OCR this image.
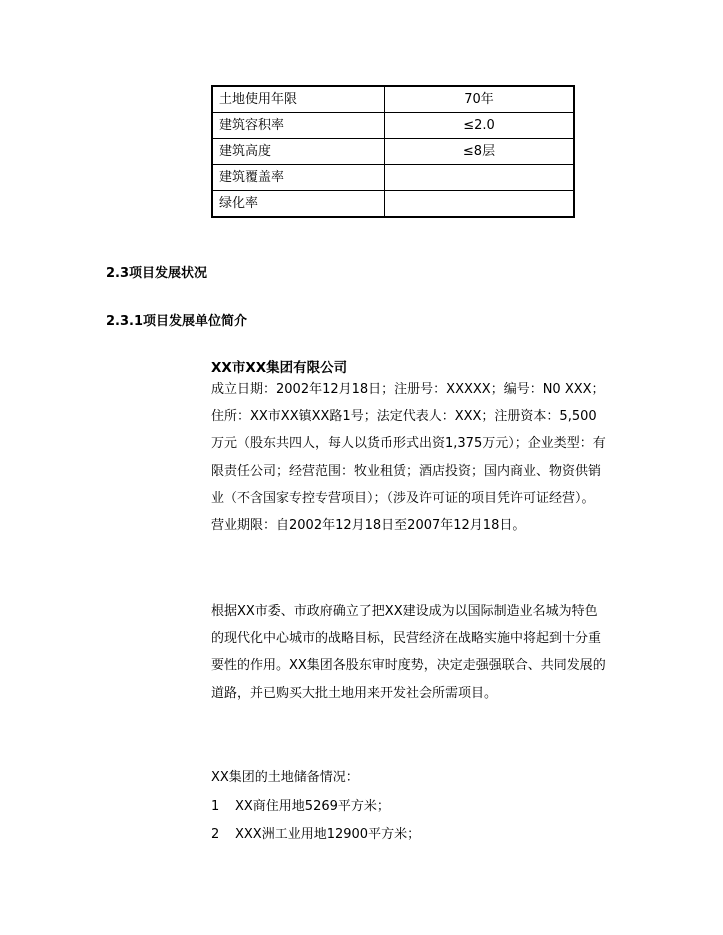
土地使用年限	70年
建筑容积率	≤2.0
建筑高度	≤8层
建筑覆盖率	
绿化率	
2.3项目发展状况
2.3.1项目发展单位简介
XX市XX集团有限公司

成立日期：2002年12月18日；注册号：XXXXX；编号：N0 XXX；住所：XX市XX镇XX路1号；法定代表人：XXX；注册资本：5,500万元（股东共四人，每人以货币形式出资1,375万元）；企业类型：有限责任公司；经营范围：牧业租赁；酒店投资；国内商业、物资供销业（不含国家专控专营项目）；（涉及许可证的项目凭许可证经营）。营业期限：自2002年12月18日至2007年12月18日。

根据XX市委、市政府确立了把XX建设成为以国际制造业名城为特色的现代化中心城市的战略目标，民营经济在战略实施中将起到十分重要性的作用。XX集团各股东审时度势，决定走强强联合、共同发展的道路，并已购买大批土地用来开发社会所需项目。

XX集团的土地储备情况：

1 XX商住用地5269平方米；
2 XXX洲工业用地12900平方米；
